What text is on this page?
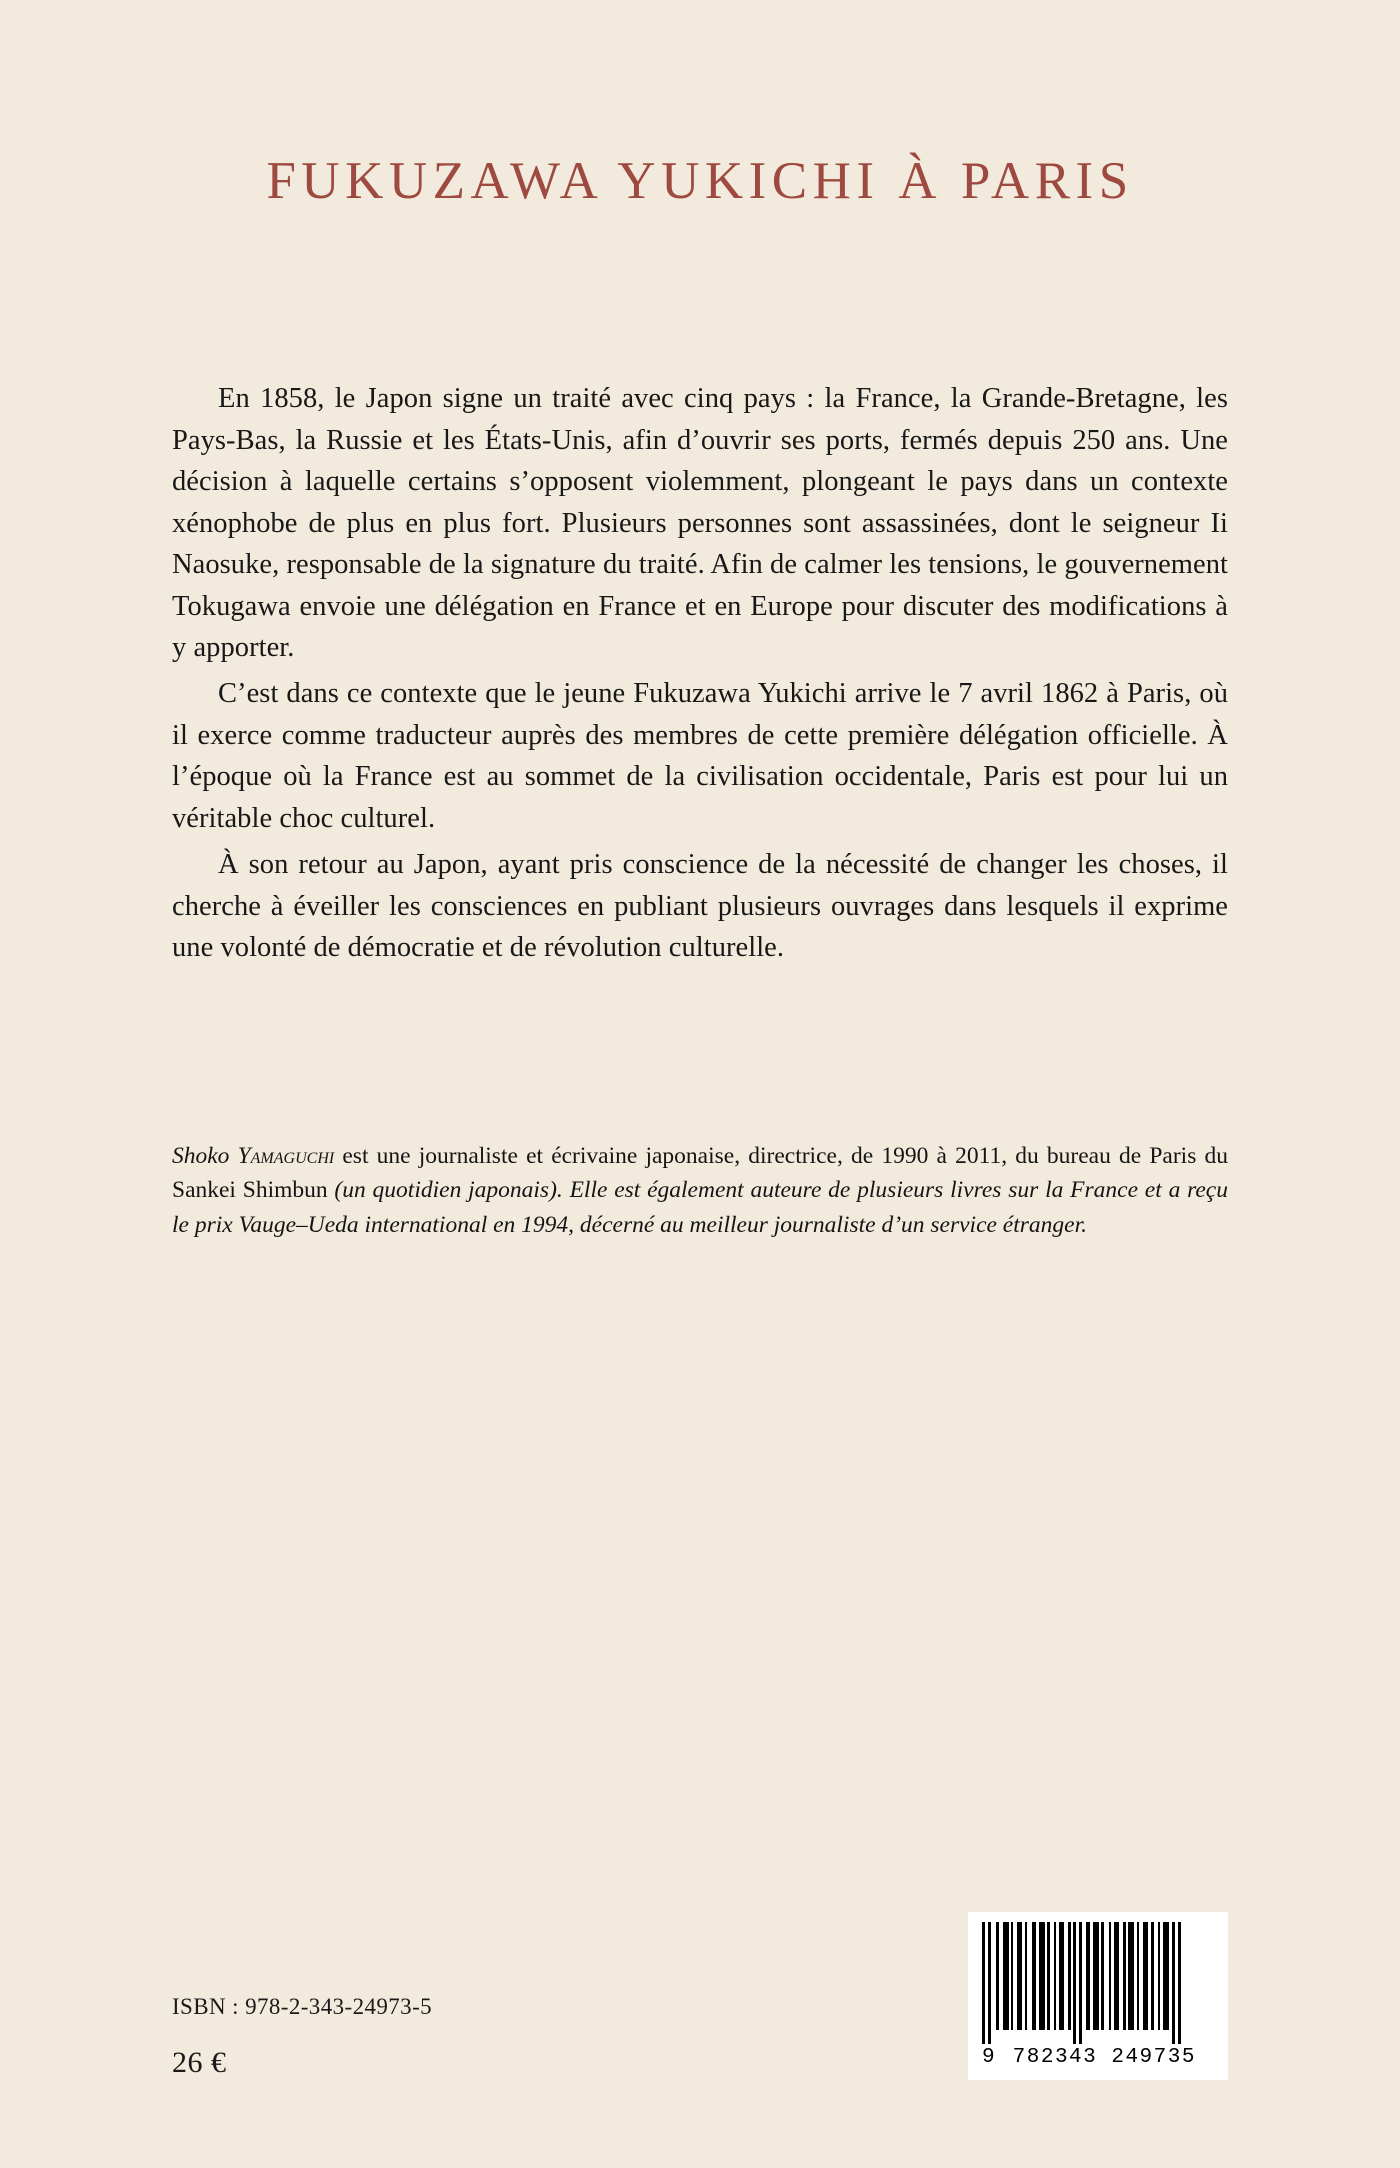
FUKUZAWA YUKICHI À PARIS

En 1858, le Japon signe un traité avec cinq pays : la France, la Grande-Bretagne, les Pays-Bas, la Russie et les États-Unis, afin d’ouvrir ses ports, fermés depuis 250 ans. Une décision à laquelle certains s’opposent violemment, plongeant le pays dans un contexte xénophobe de plus en plus fort. Plusieurs personnes sont assassinées, dont le seigneur Ii Naosuke, responsable de la signature du traité. Afin de calmer les tensions, le gouvernement Tokugawa envoie une délégation en France et en Europe pour discuter des modifications à y apporter.

C’est dans ce contexte que le jeune Fukuzawa Yukichi arrive le 7 avril 1862 à Paris, où il exerce comme traducteur auprès des membres de cette première délégation officielle. À l’époque où la France est au sommet de la civilisation occidentale, Paris est pour lui un véritable choc culturel.

À son retour au Japon, ayant pris conscience de la nécessité de changer les choses, il cherche à éveiller les consciences en publiant plusieurs ouvrages dans lesquels il exprime une volonté de démocratie et de révolution culturelle.

Shoko Yamaguchi est une journaliste et écrivaine japonaise, directrice, de 1990 à 2011, du bureau de Paris du Sankei Shimbun (un quotidien japonais). Elle est également auteure de plusieurs livres sur la France et a reçu le prix Vauge–Ueda international en 1994, décerné au meilleur journaliste d’un service étranger.

ISBN : 978-2-343-24973-5

26 €	9 782343 249735
